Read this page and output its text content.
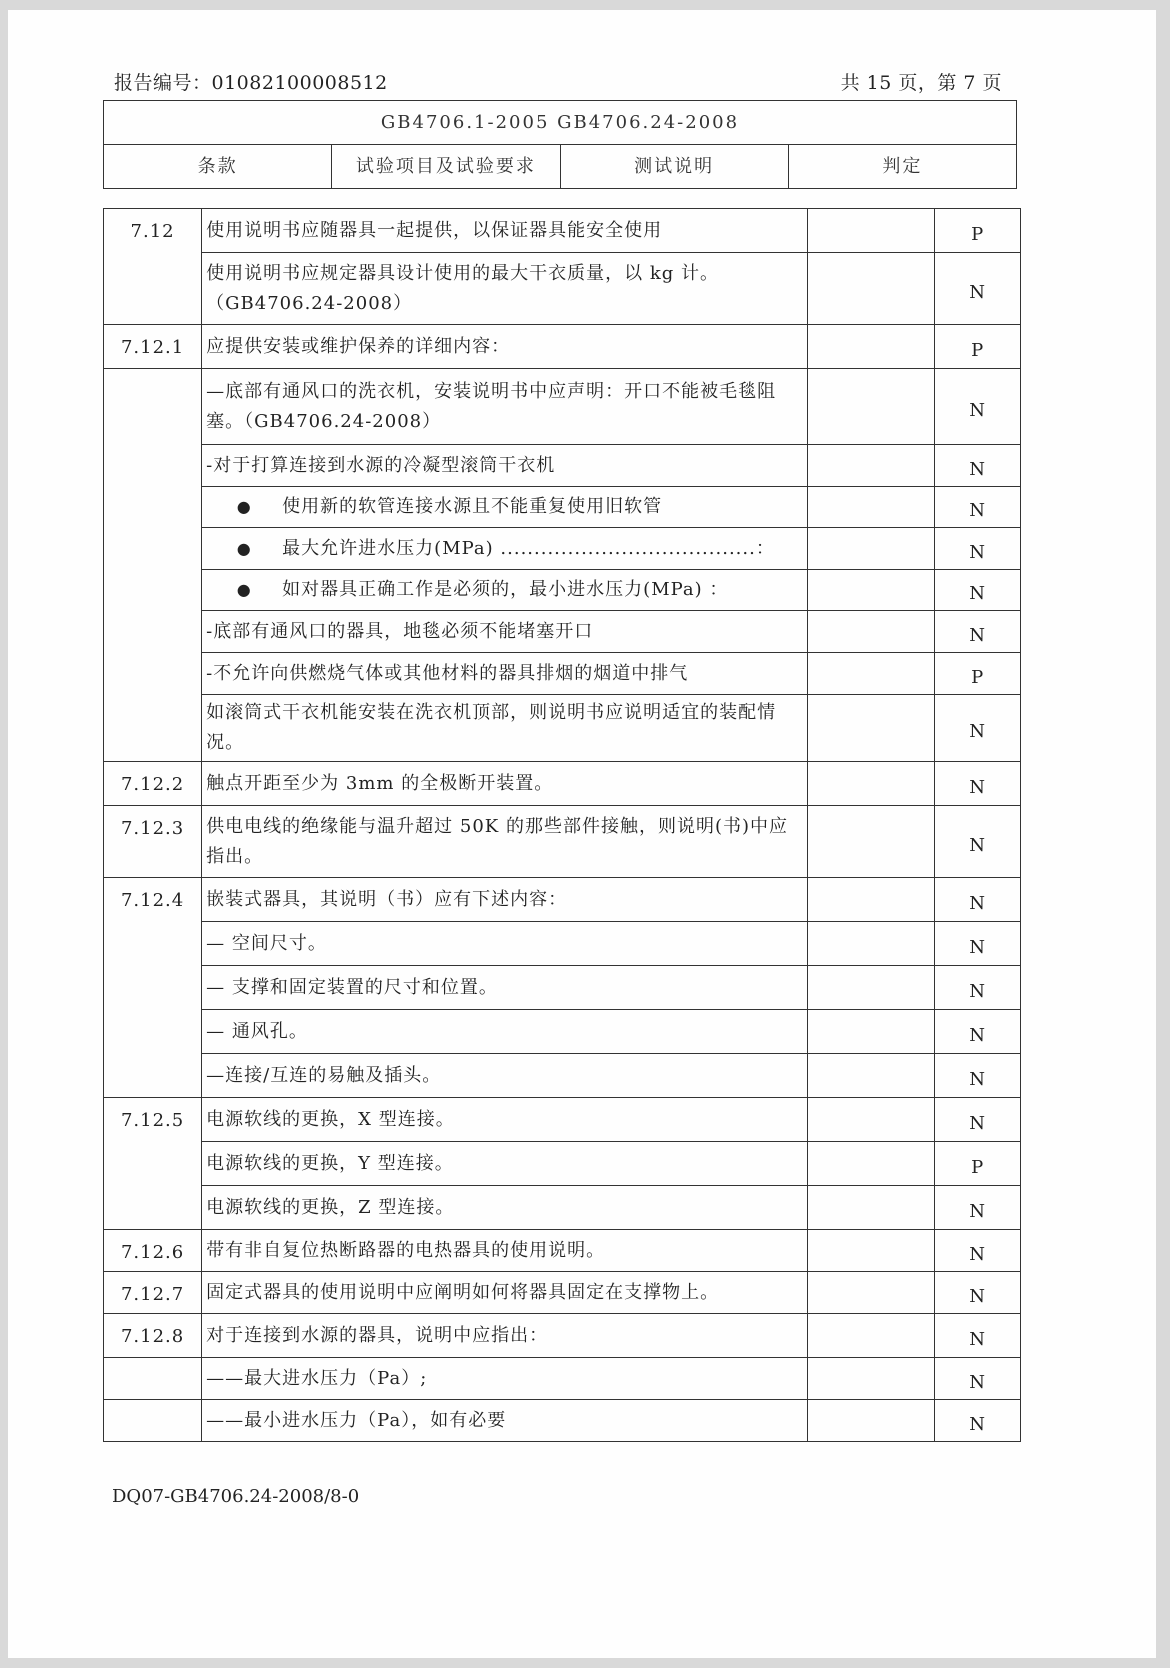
报告编号：01082100008512	共 15 页，第 7 页
GB4706.1-2005 GB4706.24-2008
条款	试验项目及试验要求	测试说明	判定
7.12	使用说明书应随器具一起提供，以保证器具能安全使用		P
	使用说明书应规定器具设计使用的最大干衣质量，以 kg 计。（GB4706.24-2008）		N
7.12.1	应提供安装或维护保养的详细内容：		P
	—底部有通风口的洗衣机，安装说明书中应声明：开口不能被毛毯阻塞。（GB4706.24-2008）		N
	-对于打算连接到水源的冷凝型滚筒干衣机		N
	● 使用新的软管连接水源且不能重复使用旧软管		N
	● 最大允许进水压力(MPa) ......................................：		N
	● 如对器具正确工作是必须的，最小进水压力(MPa) ：		N
	-底部有通风口的器具，地毯必须不能堵塞开口		N
	-不允许向供燃烧气体或其他材料的器具排烟的烟道中排气		P
	如滚筒式干衣机能安装在洗衣机顶部，则说明书应说明适宜的装配情况。		N
7.12.2	触点开距至少为 3mm 的全极断开装置。		N
7.12.3	供电电线的绝缘能与温升超过 50K 的那些部件接触，则说明(书)中应指出。		N
7.12.4	嵌装式器具，其说明（书）应有下述内容：		N
	— 空间尺寸。		N
	— 支撑和固定装置的尺寸和位置。		N
	— 通风孔。		N
	—连接/互连的易触及插头。		N
7.12.5	电源软线的更换，X 型连接。		N
	电源软线的更换，Y 型连接。		P
	电源软线的更换，Z 型连接。		N
7.12.6	带有非自复位热断路器的电热器具的使用说明。		N
7.12.7	固定式器具的使用说明中应阐明如何将器具固定在支撑物上。		N
7.12.8	对于连接到水源的器具，说明中应指出：		N
	——最大进水压力（Pa）;		N
	——最小进水压力（Pa），如有必要		N
DQ07-GB4706.24-2008/8-0
